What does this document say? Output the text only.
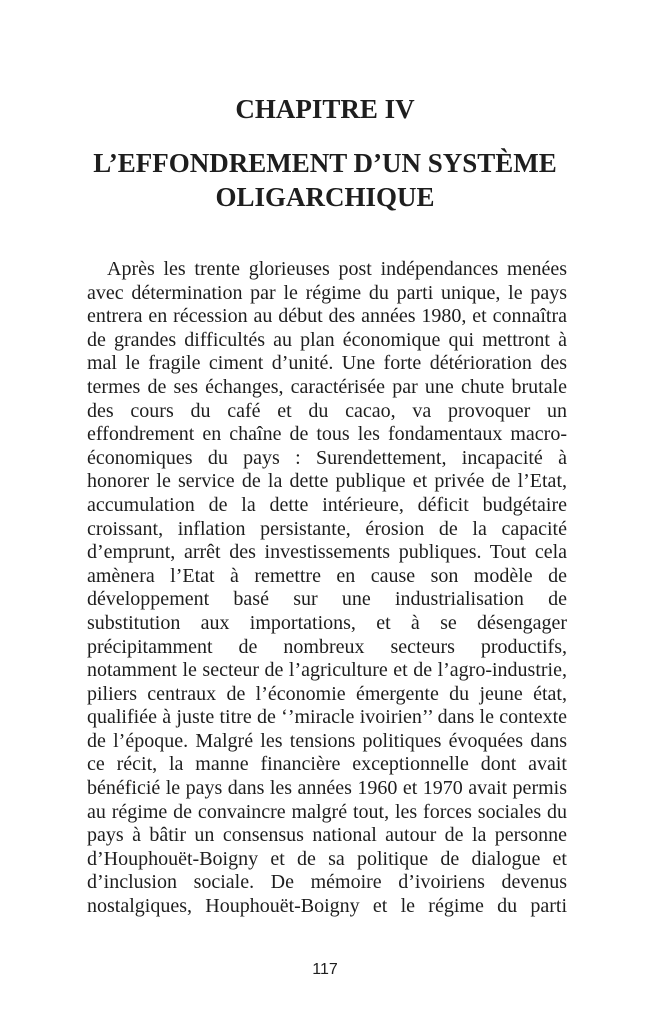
CHAPITRE IV
L’EFFONDREMENT D’UN SYSTÈME
OLIGARCHIQUE
Après les trente glorieuses post indépendances menées
avec détermination par le régime du parti unique, le pays
entrera en récession au début des années 1980, et connaîtra
de grandes difficultés au plan économique qui mettront à
mal le fragile ciment d’unité. Une forte détérioration des
termes de ses échanges, caractérisée par une chute brutale
des cours du café et du cacao, va provoquer un
effondrement en chaîne de tous les fondamentaux macro-
économiques du pays : Surendettement, incapacité à
honorer le service de la dette publique et privée de l’Etat,
accumulation de la dette intérieure, déficit budgétaire
croissant, inflation persistante, érosion de la capacité
d’emprunt, arrêt des investissements publiques. Tout cela
amènera l’Etat à remettre en cause son modèle de
développement basé sur une industrialisation de
substitution aux importations, et à se désengager
précipitamment de nombreux secteurs productifs,
notamment le secteur de l’agriculture et de l’agro-industrie,
piliers centraux de l’économie émergente du jeune état,
qualifiée à juste titre de ‘’miracle ivoirien’’ dans le contexte
de l’époque. Malgré les tensions politiques évoquées dans
ce récit, la manne financière exceptionnelle dont avait
bénéficié le pays dans les années 1960 et 1970 avait permis
au régime de convaincre malgré tout, les forces sociales du
pays à bâtir un consensus national autour de la personne
d’Houphouët-Boigny et de sa politique de dialogue et
d’inclusion sociale. De mémoire d’ivoiriens devenus
nostalgiques, Houphouët-Boigny et le régime du parti
117
